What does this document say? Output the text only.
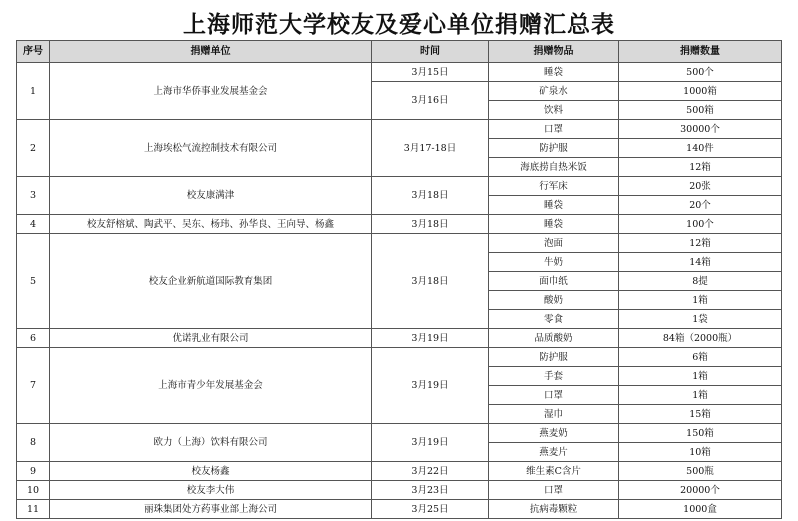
上海师范大学校友及爱心单位捐赠汇总表
序号	捐赠单位	时间	捐赠物品	捐赠数量
1	上海市华侨事业发展基金会	3月15日	睡袋	500个
		3月16日	矿泉水	1000箱
			饮料	500箱
2	上海埃松气流控制技术有限公司	3月17-18日	口罩	30000个
			防护服	140件
			海底捞自热米饭	12箱
3	校友康满津	3月18日	行军床	20张
			睡袋	20个
4	校友舒榕斌、陶武平、吴东、杨玮、孙华良、王向导、杨鑫	3月18日	睡袋	100个
5	校友企业新航道国际教育集团	3月18日	泡面	12箱
			牛奶	14箱
			面巾纸	8提
			酸奶	1箱
			零食	1袋
6	优诺乳业有限公司	3月19日	品质酸奶	84箱（2000瓶）
7	上海市青少年发展基金会	3月19日	防护服	6箱
			手套	1箱
			口罩	1箱
			湿巾	15箱
8	欧力（上海）饮料有限公司	3月19日	燕麦奶	150箱
			燕麦片	10箱
9	校友杨鑫	3月22日	维生素C含片	500瓶
10	校友李大伟	3月23日	口罩	20000个
11	丽珠集团处方药事业部上海公司	3月25日	抗病毒颗粒	1000盒
